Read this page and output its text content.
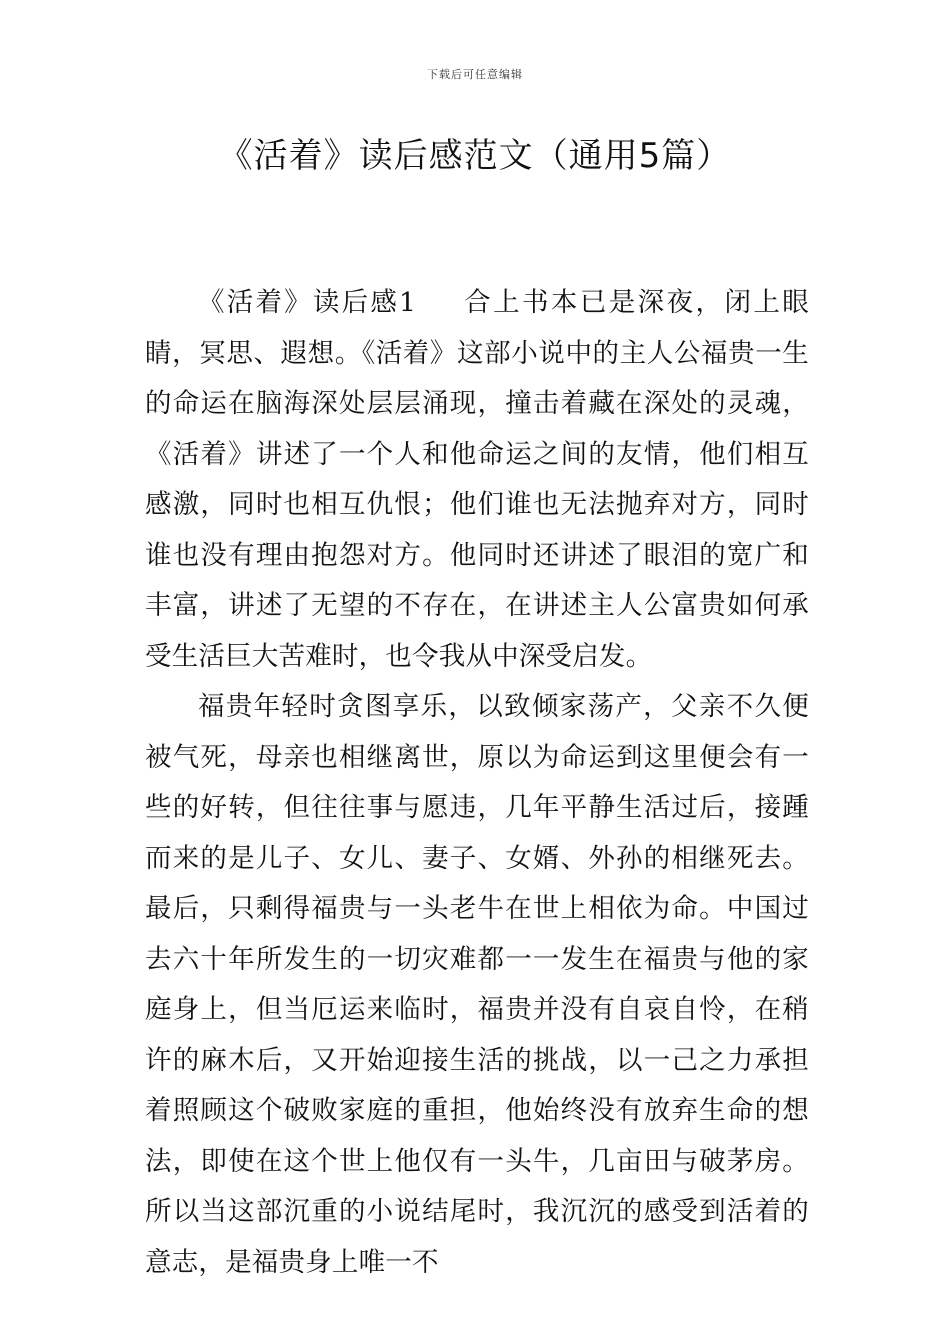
下载后可任意编辑
《活着》读后感范文（通用5篇）

《活着》读后感1 合上书本已是深夜，闭上眼睛，冥思、遐想。《活着》这部小说中的主人公福贵一生的命运在脑海深处层层涌现，撞击着藏在深处的灵魂，《活着》讲述了一个人和他命运之间的友情，他们相互感激，同时也相互仇恨；他们谁也无法抛弃对方，同时谁也没有理由抱怨对方。他同时还讲述了眼泪的宽广和丰富，讲述了无望的不存在，在讲述主人公富贵如何承受生活巨大苦难时，也令我从中深受启发。

福贵年轻时贪图享乐，以致倾家荡产，父亲不久便被气死，母亲也相继离世，原以为命运到这里便会有一些的好转，但往往事与愿违，几年平静生活过后，接踵而来的是儿子、女儿、妻子、女婿、外孙的相继死去。最后，只剩得福贵与一头老牛在世上相依为命。中国过去六十年所发生的一切灾难都一一发生在福贵与他的家庭身上，但当厄运来临时，福贵并没有自哀自怜，在稍许的麻木后，又开始迎接生活的挑战，以一己之力承担着照顾这个破败家庭的重担，他始终没有放弃生命的想法，即使在这个世上他仅有一头牛，几亩田与破茅房。所以当这部沉重的小说结尾时，我沉沉的感受到活着的意志，是福贵身上唯一不
